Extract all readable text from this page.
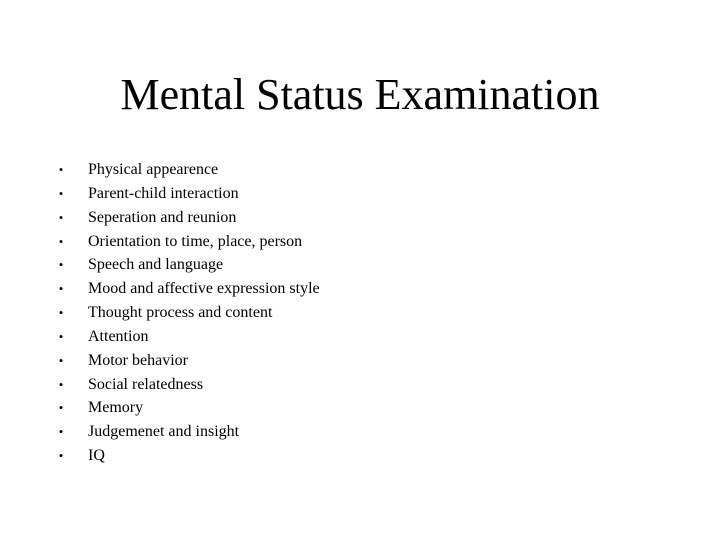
Mental Status Examination
• Physical appearence
• Parent-child interaction
• Seperation and reunion
• Orientation to time, place, person
• Speech and language
• Mood and affective expression style
• Thought process and content
• Attention
• Motor behavior
• Social relatedness
• Memory
• Judgemenet and insight
• IQ
